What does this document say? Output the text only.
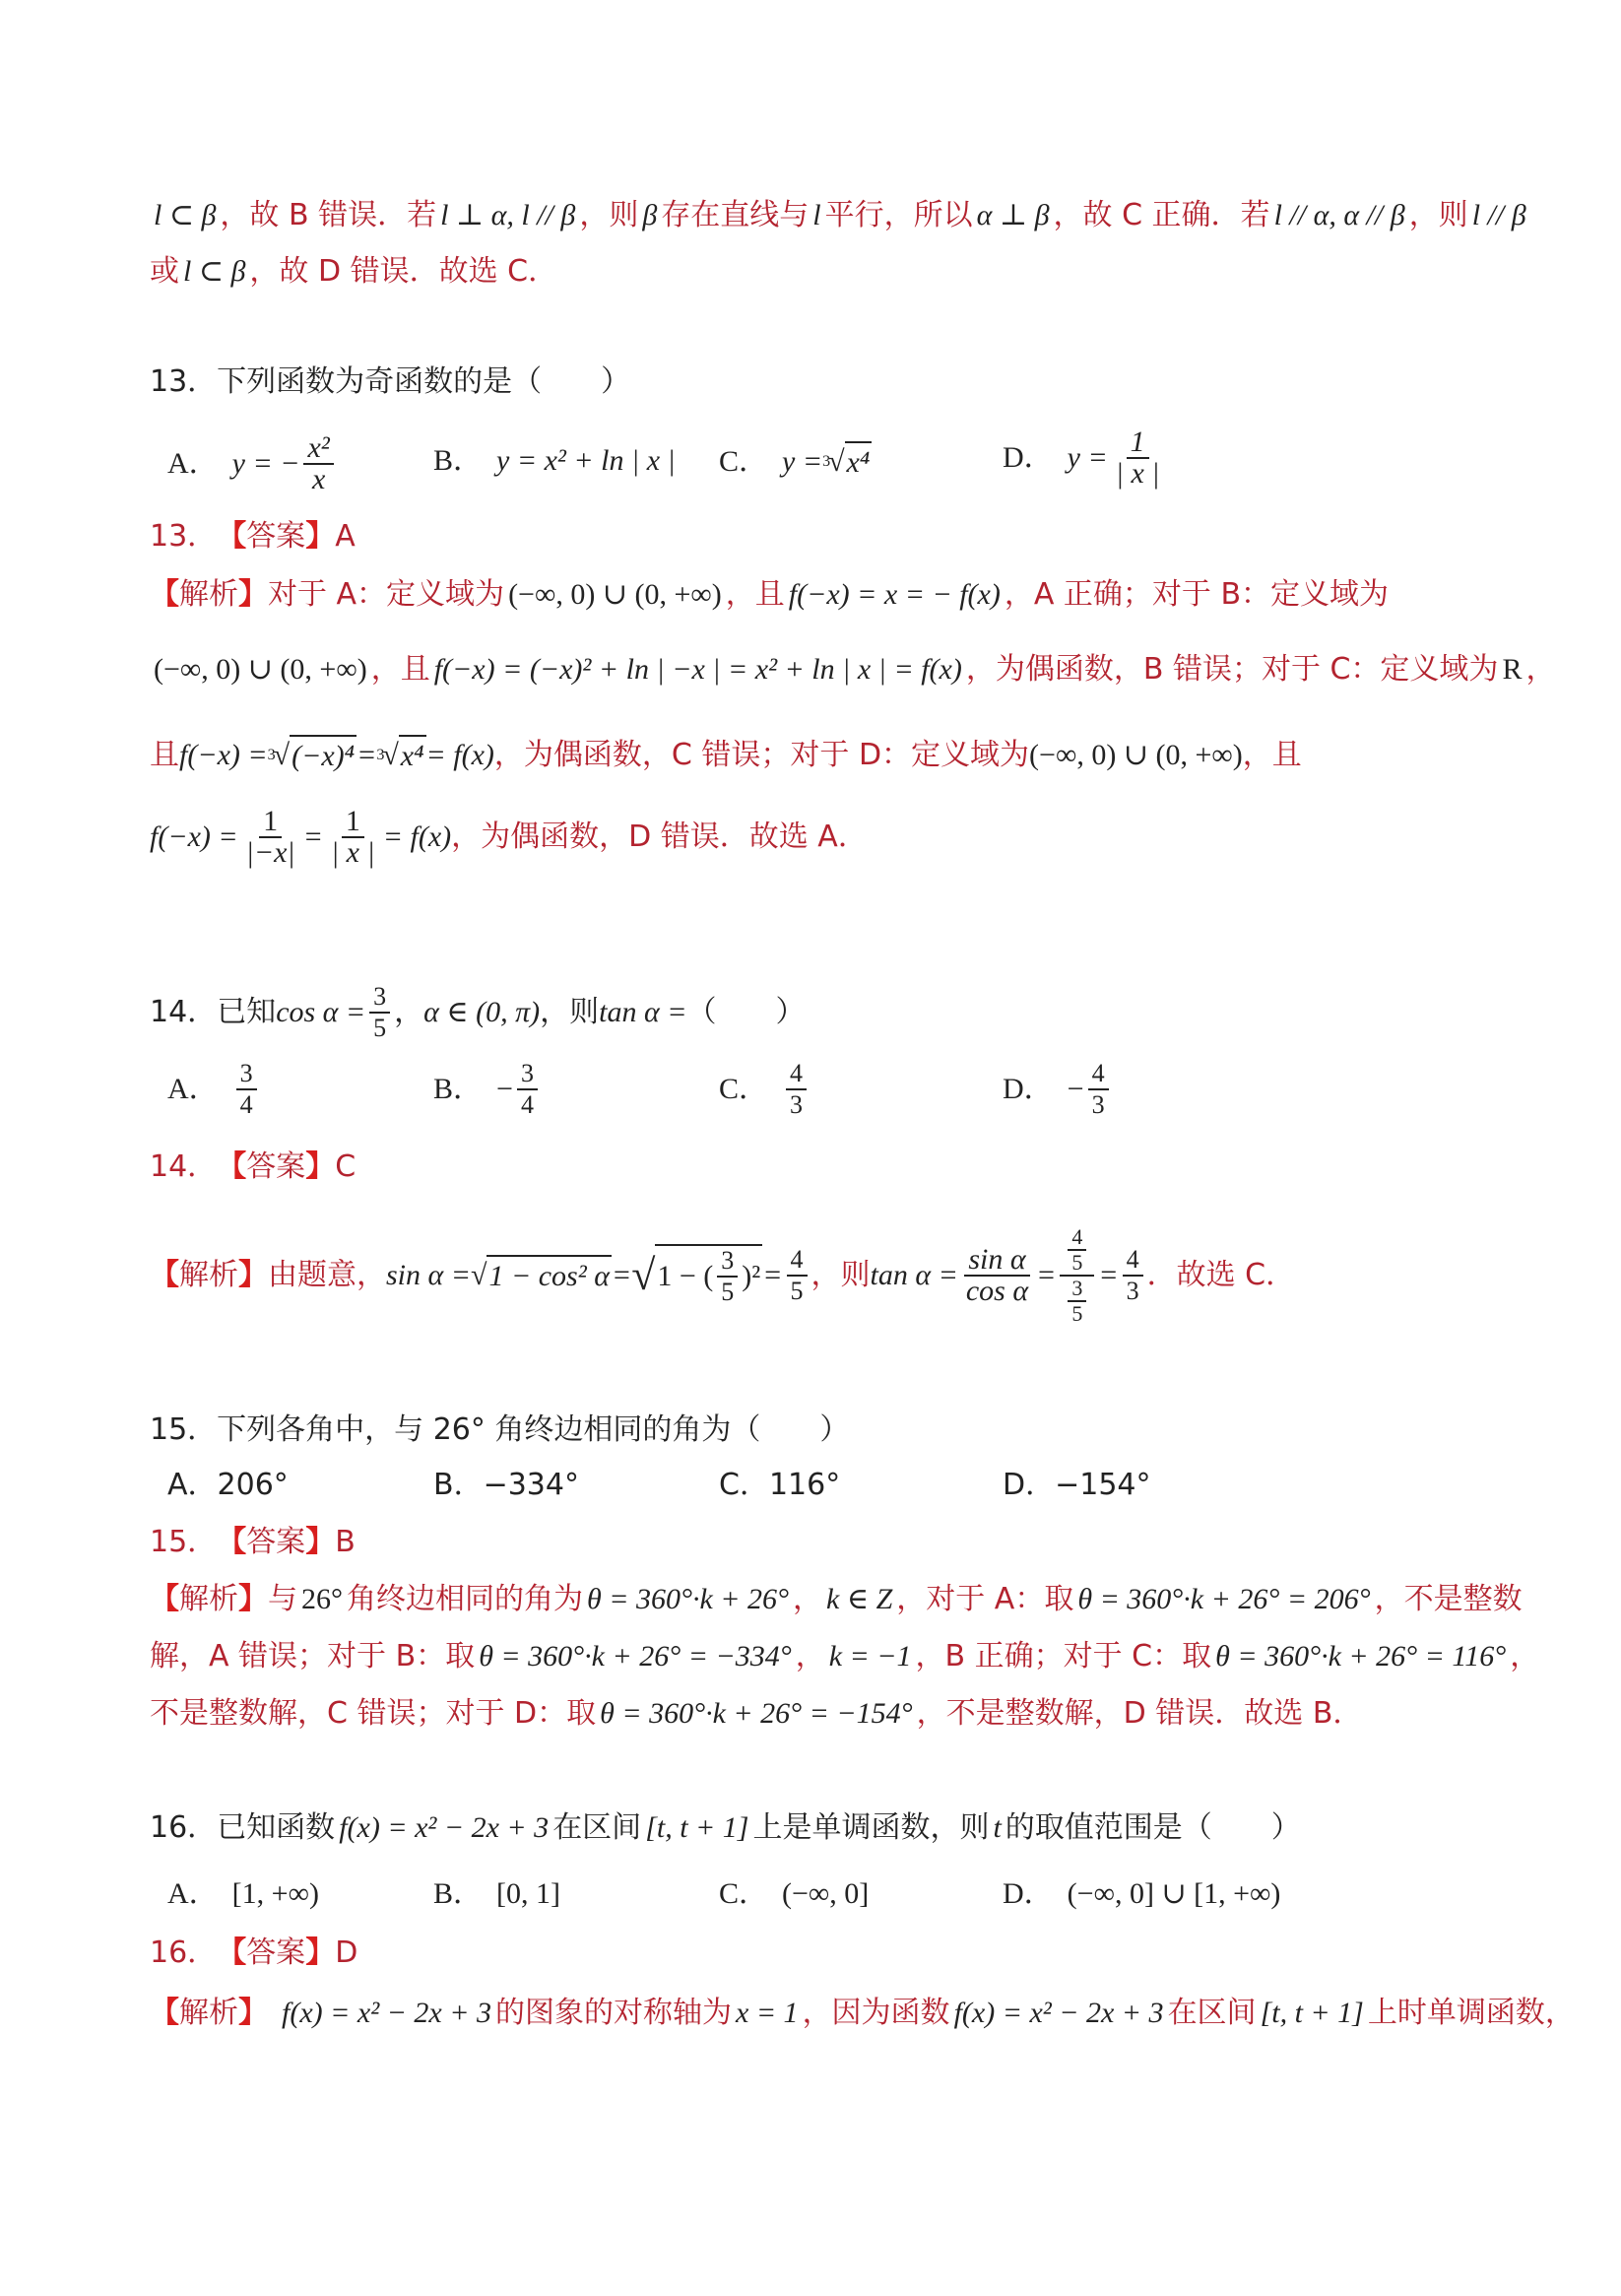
l ⊂ β ，故 B 错误．若 l ⊥ α, l // β ，则 β 存在直线与 l 平行，所以 α ⊥ β ，故 C 正确．若 l // α, α // β ，则 l // β
或 l ⊂ β ，故 D 错误．故选 C．
13．下列函数为奇函数的是（　　）
A． y = − $\frac{\text{x²}}{x}$	B． y = x² + ln | x | C． y = 3
√ x⁴	D． $y = \frac{1}{| x |}$
13． 【 答案 】 A
【 解析 】 对于 A：定义域为 (−∞, 0) ∪ (0, +∞) ，且 f(−x) = x = − f(x) ，A 正确；对于 B：定义域为
(−∞, 0) ∪ (0, +∞) ，且 f(−x) = (−x)² + ln | −x | = x² + ln | x | = f(x) ，为偶函数，B 错误；对于 C：定义域为 R ，
且 f(−x) = 3
√ (−x)⁴ = 3
√ x⁴ = f(x) ，为偶函数，C 错误；对于 D：定义域为 (−∞, 0) ∪ (0, +∞) ，且
$f(-x) = \frac{1}{|-x|} = \frac{1}{| x |} = f(x)$ ，为偶函数，D 错误．故选 A．
14．已知 $\cos \alpha = \frac{3}{5}$ ， α ∈ (0, π) ，则 tan α = （　　）
A． $\frac{3}{4}$	B． − $\frac{3}{4}$	C． $\frac{4}{3}$	D． − $\frac{4}{3}$
14． 【 答案 】 C
【 解析 】 由题意， sin α = √ 1 − cos² α = √ 1 − ( $\frac{3}{5} )^2 = \frac{4}{5}$ ，则 $\tan \alpha = \frac{\text{sin α}}{\text{cos α}} = \frac{\frac{4}{5}}{\frac{3}{5}} = \frac{4}{3}$ ．故选 C．
15．下列各角中，与 26° 角终边相同的角为（　　）
A．206°	B．−334°	C．116°	D．−154°
15． 【 答案 】 B
【 解析 】 与 26° 角终边相同的角为 θ = 360°·k + 26° ， k ∈ Z ，对于 A：取 θ = 360°·k + 26° = 206° ，不是整数
解，A 错误；对于 B：取 θ = 360°·k + 26° = −334° ， k = −1 ，B 正确；对于 C：取 θ = 360°·k + 26° = 116° ，
不是整数解，C 错误；对于 D：取 θ = 360°·k + 26° = −154° ，不是整数解，D 错误．故选 B．
16．已知函数 f(x) = x² − 2x + 3 在区间 [t, t + 1] 上是单调函数，则 t 的取值范围是（　　）
A． [1, +∞)	B． [0, 1]	C． (−∞, 0]	D． (−∞, 0] ∪ [1, +∞)
16． 【 答案 】 D
【 解析 】 f(x) = x² − 2x + 3 的图象的对称轴为 x = 1 ，因为函数 f(x) = x² − 2x + 3 在区间 [t, t + 1] 上时单调函数，
